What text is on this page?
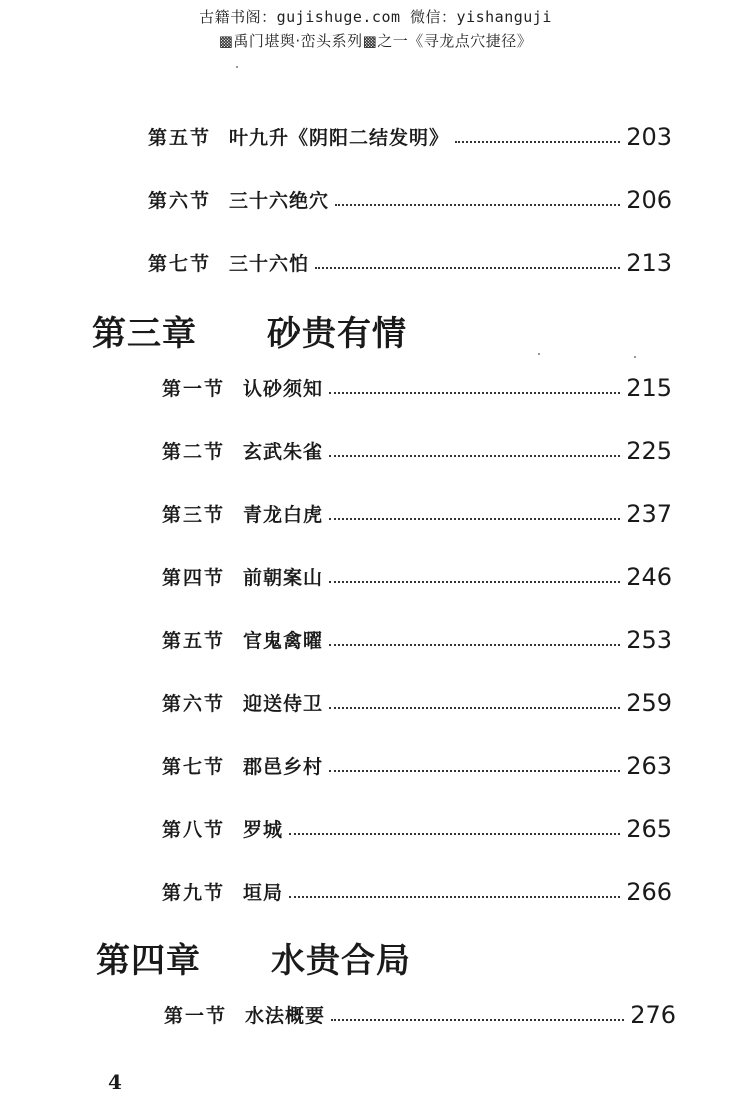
古籍书阁：gujishuge.com 微信：yishanguji
▩禹门堪舆·峦头系列▩之一《寻龙点穴捷径》
第五节 叶九升《阴阳二结发明》	203
第六节 三十六绝穴	206
第七节 三十六怕	213
第三章 砂贵有情
第一节 认砂须知	215
第二节 玄武朱雀	225
第三节 青龙白虎	237
第四节 前朝案山	246
第五节 官鬼禽曜	253
第六节 迎送侍卫	259
第七节 郡邑乡村	263
第八节 罗城	265
第九节 垣局	266
第四章 水贵合局
第一节 水法概要	276
4
